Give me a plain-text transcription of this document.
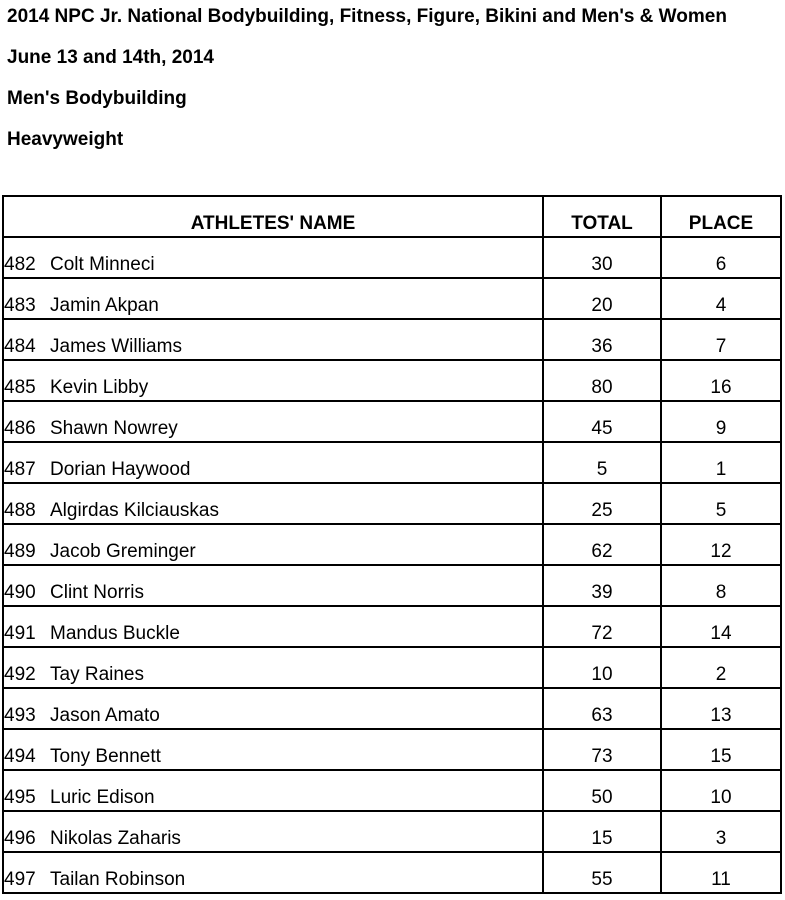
2014 NPC Jr. National Bodybuilding, Fitness, Figure, Bikini and Men's & Women
June 13 and 14th, 2014
Men's Bodybuilding
Heavyweight
ATHLETES' NAME	TOTAL	PLACE
482 Colt Minneci	30	6
483 Jamin Akpan	20	4
484 James Williams	36	7
485 Kevin Libby	80	16
486 Shawn Nowrey	45	9
487 Dorian Haywood	5	1
488 Algirdas Kilciauskas	25	5
489 Jacob Greminger	62	12
490 Clint Norris	39	8
491 Mandus Buckle	72	14
492 Tay Raines	10	2
493 Jason Amato	63	13
494 Tony Bennett	73	15
495 Luric Edison	50	10
496 Nikolas Zaharis	15	3
497 Tailan Robinson	55	11
